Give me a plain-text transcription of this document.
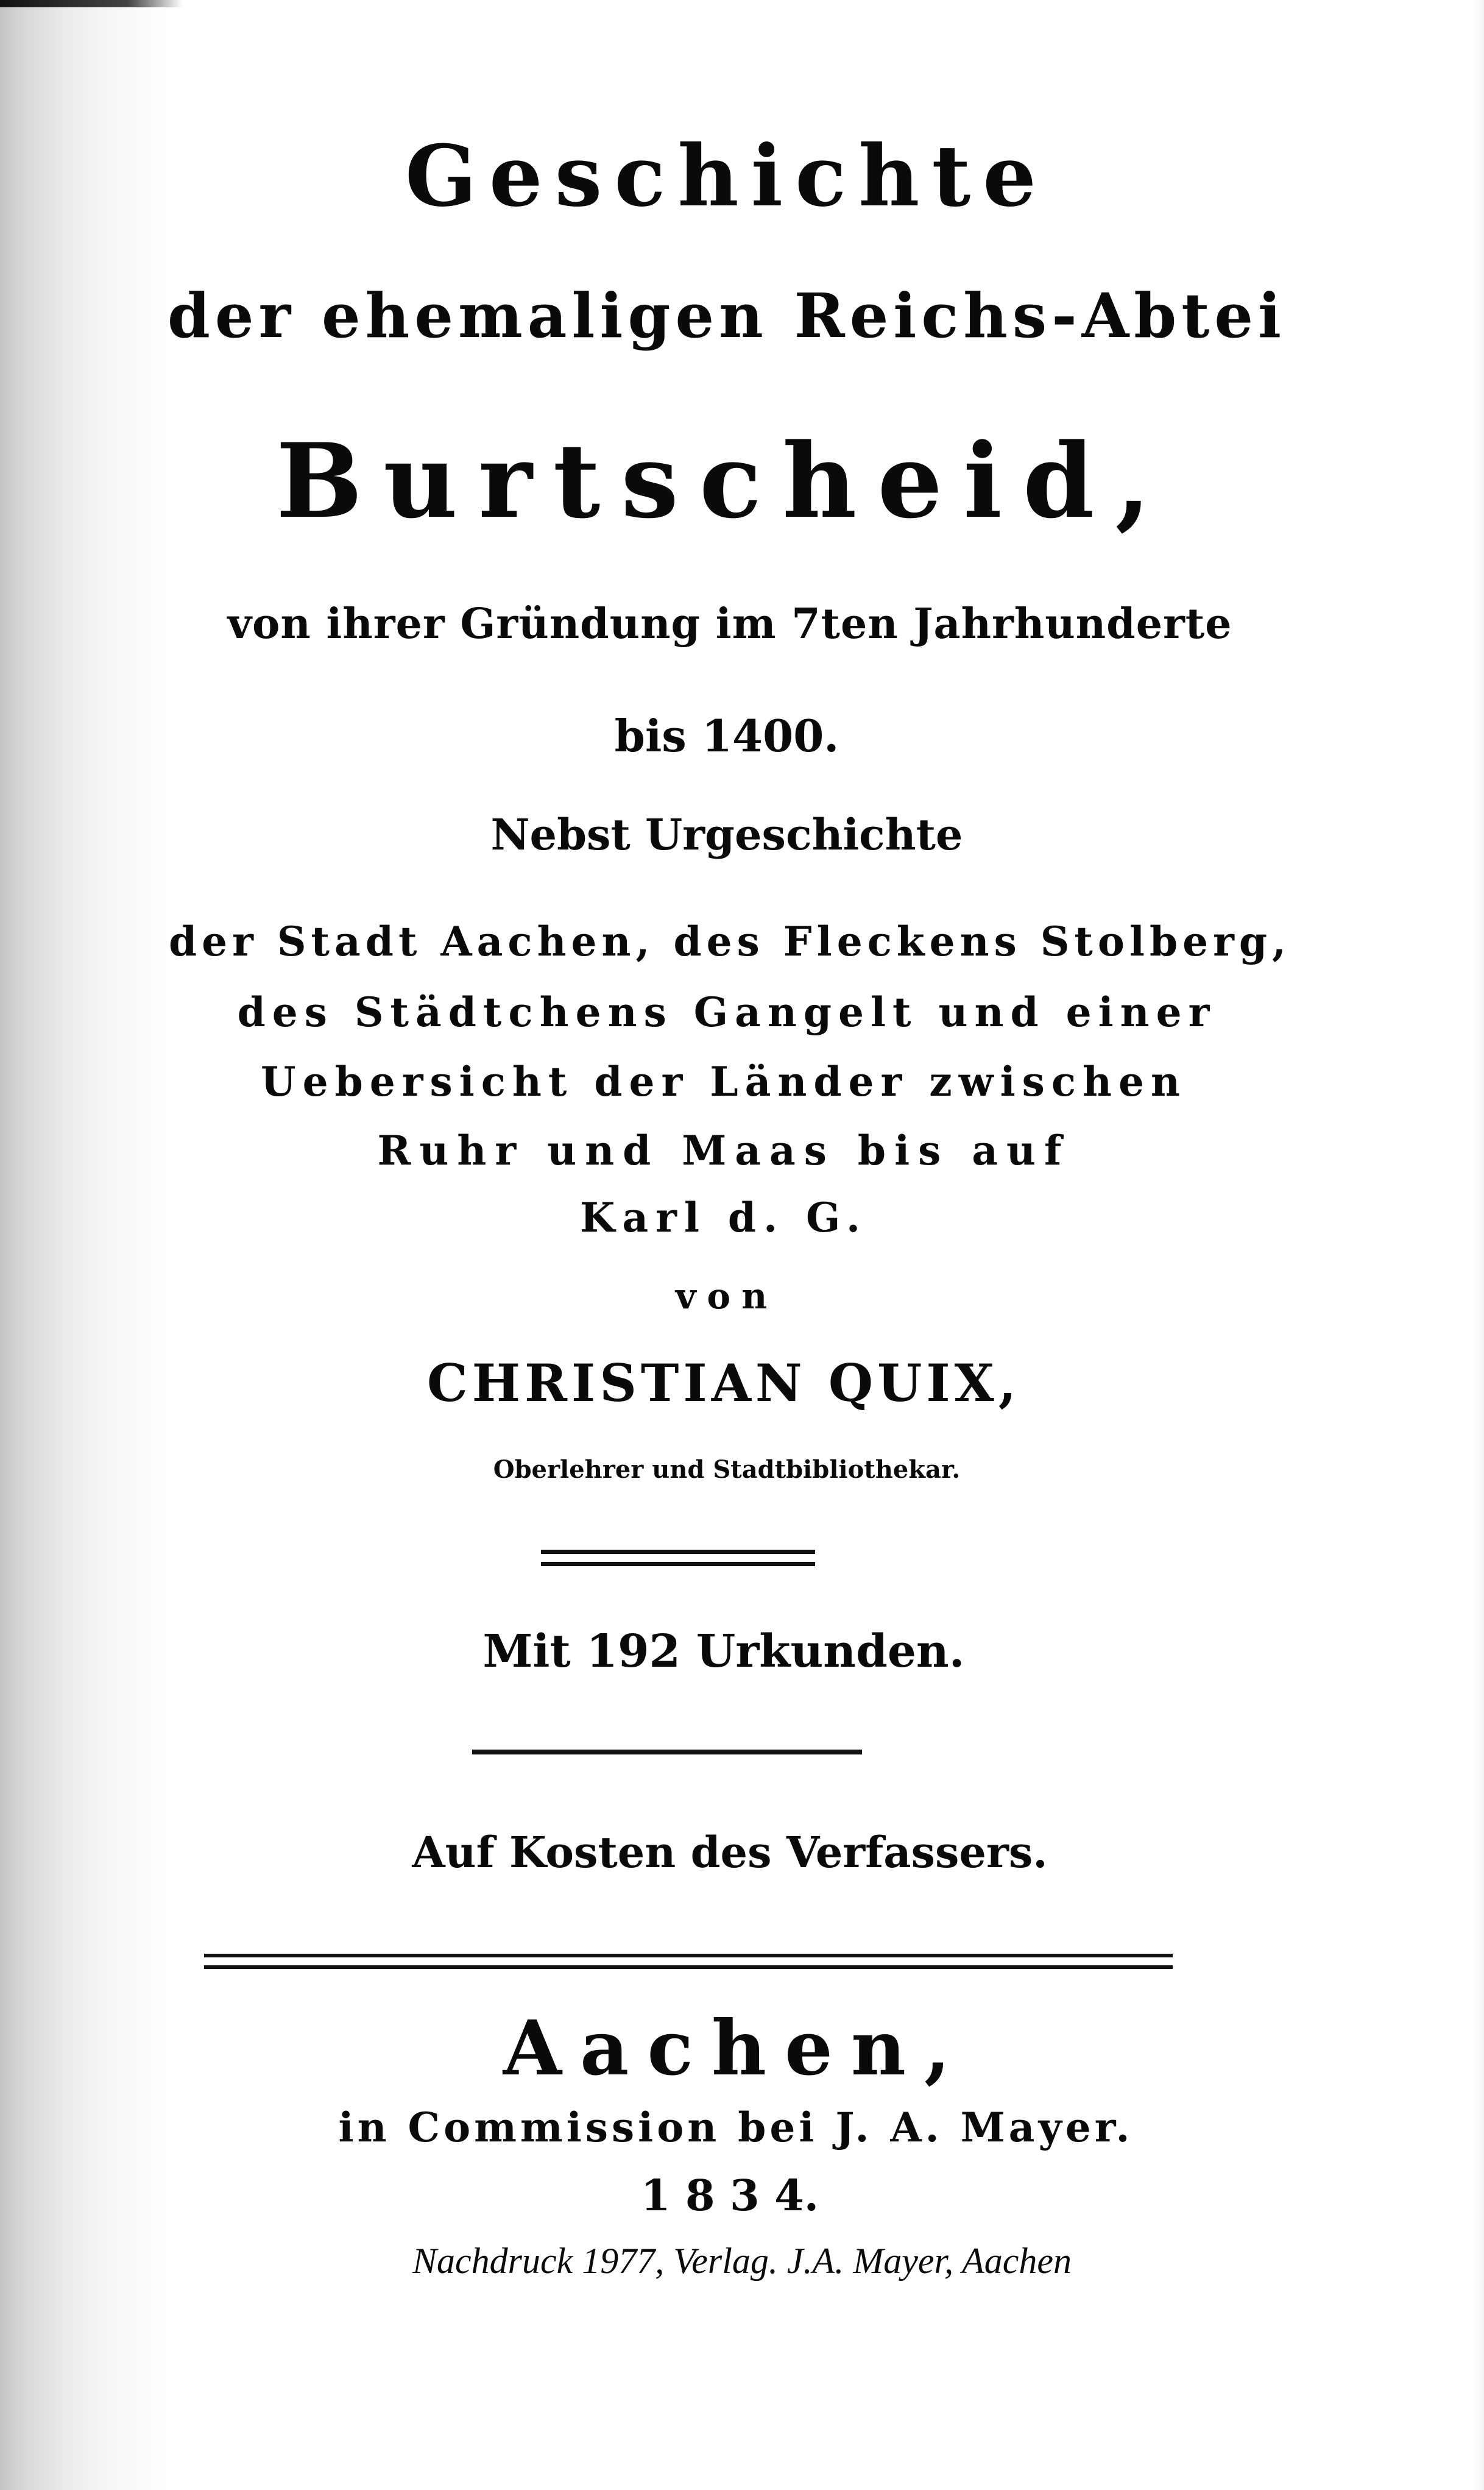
Geschichte
der ehemaligen Reichs-Abtei
Burtscheid,
von ihrer Gründung im 7ten Jahrhunderte
bis 1400.
Nebst Urgeschichte
der Stadt Aachen, des Fleckens Stolberg,
des Städtchens Gangelt und einer
Uebersicht der Länder zwischen
Ruhr und Maas bis auf
Karl d. G.
von
CHRISTIAN QUIX,
Oberlehrer und Stadtbibliothekar.
Mit 192 Urkunden.
Auf Kosten des Verfassers.
Aachen,
in Commission bei J. A. Mayer.
1 8 3 4.
Nachdruck 1977, Verlag. J.A. Mayer, Aachen
